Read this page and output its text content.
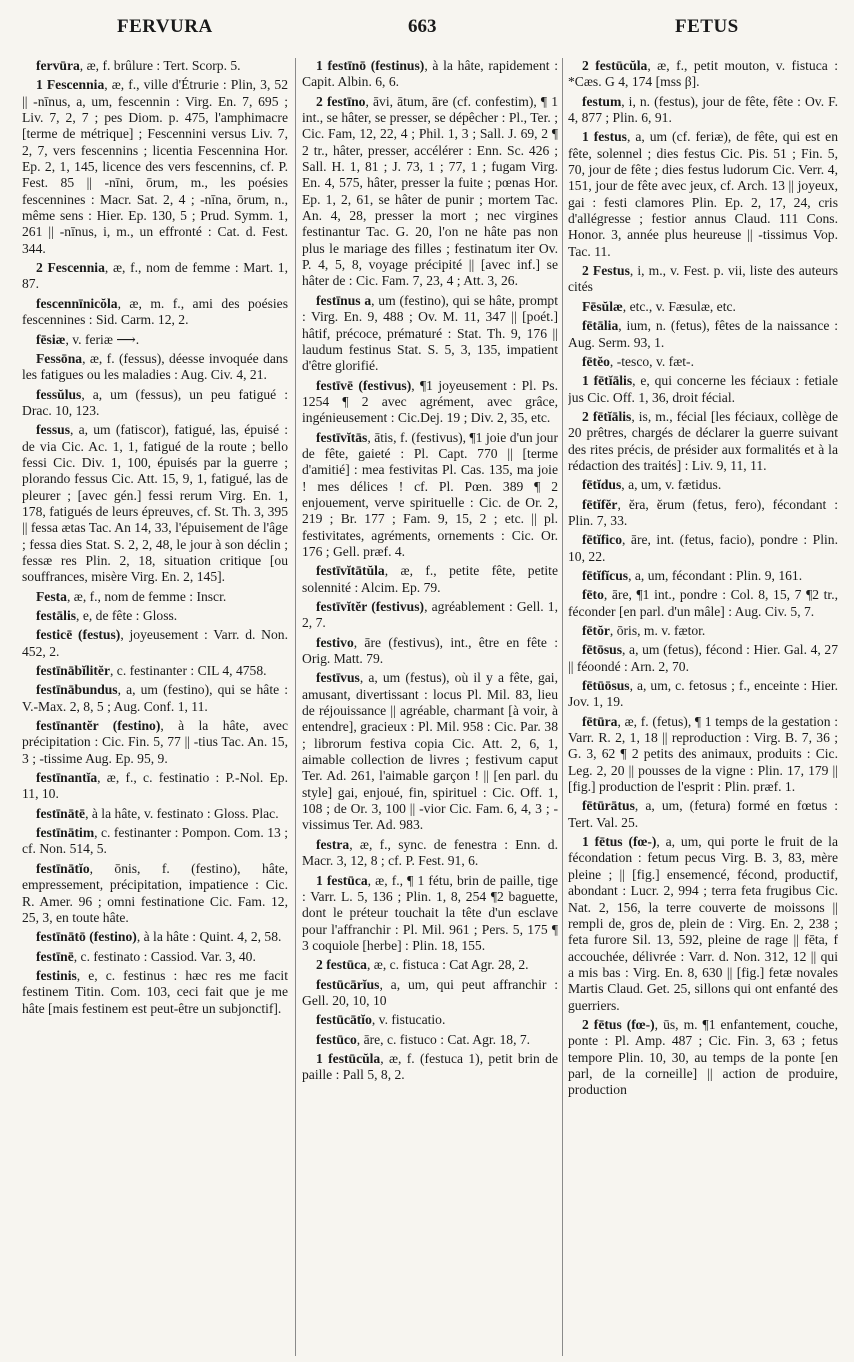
FERVURA	663	FETUS

fervūra, æ, f. brûlure : Tert. Scorp. 5.

1 Fescennia, æ, f., ville d'Étrurie : Plin, 3, 52 || -nīnus, a, um, fescennin : Virg. En. 7, 695 ; Liv. 7, 2, 7 ; pes Diom. p. 475, l'amphimacre [terme de métrique] ; Fescennini versus Liv. 7, 2, 7, vers fescennins ; licentia Fescennina Hor. Ep. 2, 1, 145, licence des vers fescennins, cf. P. Fest. 85 || -nīni, ōrum, m., les poésies fescennines : Macr. Sat. 2, 4 ; -nīna, ōrum, n., même sens : Hier. Ep. 130, 5 ; Prud. Symm. 1, 261 || -nīnus, i, m., un effronté : Cat. d. Fest. 344.

2 Fescennia, æ, f., nom de femme : Mart. 1, 87.

fescennīnicŏla, æ, m. f., ami des poésies fescennines : Sid. Carm. 12, 2.

fēsiæ, v. feriæ ⟶.

Fessōna, æ, f. (fessus), déesse invoquée dans les fatigues ou les maladies : Aug. Civ. 4, 21.

fessŭlus, a, um (fessus), un peu fatigué : Drac. 10, 123.

fessus, a, um (fatiscor), fatigué, las, épuisé : de via Cic. Ac. 1, 1, fatigué de la route ; bello fessi Cic. Div. 1, 100, épuisés par la guerre ; plorando fessus Cic. Att. 15, 9, 1, fatigué, las de pleurer ; [avec gén.] fessi rerum Virg. En. 1, 178, fatigués de leurs épreuves, cf. St. Th. 3, 395 || fessa ætas Tac. An 14, 33, l'épuisement de l'âge ; fessa dies Stat. S. 2, 2, 48, le jour à son déclin ; fessæ res Plin. 2, 18, situation critique [ou souffrances, misère Virg. En. 2, 145].

Festa, æ, f., nom de femme : Inscr.

festālis, e, de fête : Gloss.

festicē (festus), joyeusement : Varr. d. Non. 452, 2.

festīnābĭlitĕr, c. festinanter : CIL 4, 4758.

festīnābundus, a, um (festino), qui se hâte : V.-Max. 2, 8, 5 ; Aug. Conf. 1, 11.

festīnantĕr (festino), à la hâte, avec précipitation : Cic. Fin. 5, 77 || -tius Tac. An. 15, 3 ; -tissime Aug. Ep. 95, 9.

festīnantĭa, æ, f., c. festinatio : P.-Nol. Ep. 11, 10.

festīnātē, à la hâte, v. festinato : Gloss. Plac.

festīnātim, c. festinanter : Pompon. Com. 13 ; cf. Non. 514, 5.

festīnātĭo, ōnis, f. (festino), hâte, empressement, précipitation, impatience : Cic. R. Amer. 96 ; omni festinatione Cic. Fam. 12, 25, 3, en toute hâte.

festīnātō (festino), à la hâte : Quint. 4, 2, 58.

festīnē, c. festinato : Cassiod. Var. 3, 40.

festinis, e, c. festinus : hæc res me facit festinem Titin. Com. 103, ceci fait que je me hâte [mais festinem est peut-être un subjonctif].

1 festīnō (festinus), à la hâte, rapidement : Capit. Albin. 6, 6.

2 festīno, āvi, ātum, āre (cf. confestim), ¶ 1 int., se hâter, se presser, se dépêcher : Pl., Ter. ; Cic. Fam, 12, 22, 4 ; Phil. 1, 3 ; Sall. J. 69, 2 ¶ 2 tr., hâter, presser, accélérer : Enn. Sc. 426 ; Sall. H. 1, 81 ; J. 73, 1 ; 77, 1 ; fugam Virg. En. 4, 575, hâter, presser la fuite ; pœnas Hor. Ep. 1, 2, 61, se hâter de punir ; mortem Tac. An. 4, 28, presser la mort ; nec virgines festinantur Tac. G. 20, l'on ne hâte pas non plus le mariage des filles ; festinatum iter Ov. P. 4, 5, 8, voyage précipité || [avec inf.] se hâter de : Cic. Fam. 7, 23, 4 ; Att. 3, 26.

festīnus a, um (festino), qui se hâte, prompt : Virg. En. 9, 488 ; Ov. M. 11, 347 || [poét.] hâtif, précoce, prématuré : Stat. Th. 9, 176 || laudum festinus Stat. S. 5, 3, 135, impatient d'être glorifié.

festīvē (festivus), ¶1 joyeusement : Pl. Ps. 1254 ¶ 2 avec agrément, avec grâce, ingénieusement : Cic.Dej. 19 ; Div. 2, 35, etc.

festīvĭtās, ātis, f. (festivus), ¶1 joie d'un jour de fête, gaieté : Pl. Capt. 770 || [terme d'amitié] : mea festivitas Pl. Cas. 135, ma joie ! mes délices ! cf. Pl. Pœn. 389 ¶ 2 enjouement, verve spirituelle : Cic. de Or. 2, 219 ; Br. 177 ; Fam. 9, 15, 2 ; etc. || pl. festivitates, agréments, ornements : Cic. Or. 176 ; Gell. præf. 4.

festīvĭtātŭla, æ, f., petite fête, petite solennité : Alcim. Ep. 79.

festīvĭtĕr (festivus), agréablement : Gell. 1, 2, 7.

festivo, āre (festivus), int., être en fête : Orig. Matt. 79.

festīvus, a, um (festus), où il y a fête, gai, amusant, divertissant : locus Pl. Mil. 83, lieu de réjouissance || agréable, charmant [à voir, à entendre], gracieux : Pl. Mil. 958 : Cic. Par. 38 ; librorum festiva copia Cic. Att. 2, 6, 1, aimable collection de livres ; festivum caput Ter. Ad. 261, l'aimable garçon ! || [en parl. du style] gai, enjoué, fin, spirituel : Cic. Off. 1, 108 ; de Or. 3, 100 || -vior Cic. Fam. 6, 4, 3 ; -vissimus Ter. Ad. 983.

festra, æ, f., sync. de fenestra : Enn. d. Macr. 3, 12, 8 ; cf. P. Fest. 91, 6.

1 festūca, æ, f., ¶ 1 fétu, brin de paille, tige : Varr. L. 5, 136 ; Plin. 1, 8, 254 ¶2 baguette, dont le préteur touchait la tête d'un esclave pour l'affranchir : Pl. Mil. 961 ; Pers. 5, 175 ¶ 3 coquiole [herbe] : Plin. 18, 155.

2 festūca, æ, c. fistuca : Cat Agr. 28, 2.

festūcārĭus, a, um, qui peut affranchir : Gell. 20, 10, 10

festūcātĭo, v. fistucatio.

festūco, āre, c. fistuco : Cat. Agr. 18, 7.

1 festūcŭla, æ, f. (festuca 1), petit brin de paille : Pall 5, 8, 2.

2 festūcŭla, æ, f., petit mouton, v. fistuca : *Cæs. G 4, 174 [mss β].

festum, i, n. (festus), jour de fête, fête : Ov. F. 4, 877 ; Plin. 6, 91.

1 festus, a, um (cf. feriæ), de fête, qui est en fête, solennel ; dies festus Cic. Pis. 51 ; Fin. 5, 70, jour de fête ; dies festus ludorum Cic. Verr. 4, 151, jour de fête avec jeux, cf. Arch. 13 || joyeux, gai : festi clamores Plin. Ep. 2, 17, 24, cris d'allégresse ; festior annus Claud. 111 Cons. Honor. 3, année plus heureuse || -tissimus Vop. Tac. 11.

2 Festus, i, m., v. Fest. p. vii, liste des auteurs cités

Fēsŭlæ, etc., v. Fæsulæ, etc.

fētālia, ium, n. (fetus), fêtes de la naissance : Aug. Serm. 93, 1.

fētĕo, -tesco, v. fæt-.

1 fētĭālis, e, qui concerne les féciaux : fetiale jus Cic. Off. 1, 36, droit fécial.

2 fētĭālis, is, m., fécial [les féciaux, collège de 20 prêtres, chargés de déclarer la guerre suivant des rites précis, de présider aux formalités et à la rédaction des traités] : Liv. 9, 11, 11.

fētĭdus, a, um, v. fætidus.

fētĭfĕr, ĕra, ĕrum (fetus, fero), fécondant : Plin. 7, 33.

fētĭfico, āre, int. (fetus, facio), pondre : Plin. 10, 22.

fētĭfĭcus, a, um, fécondant : Plin. 9, 161.

fēto, āre, ¶1 int., pondre : Col. 8, 15, 7 ¶2 tr., féconder [en parl. d'un mâle] : Aug. Civ. 5, 7.

fētŏr, ōris, m. v. fætor.

fētōsus, a, um (fetus), fécond : Hier. Gal. 4, 27 || féoondé : Arn. 2, 70.

fētūōsus, a, um, c. fetosus ; f., enceinte : Hier. Jov. 1, 19.

fētūra, æ, f. (fetus), ¶ 1 temps de la gestation : Varr. R. 2, 1, 18 || reproduction : Virg. B. 7, 36 ; G. 3, 62 ¶ 2 petits des animaux, produits : Cic. Leg. 2, 20 || pousses de la vigne : Plin. 17, 179 || [fig.] production de l'esprit : Plin. præf. 1.

fētūrātus, a, um, (fetura) formé en fœtus : Tert. Val. 25.

1 fētus (fœ-), a, um, qui porte le fruit de la fécondation : fetum pecus Virg. B. 3, 83, mère pleine ; || [fig.] ensemencé, fécond, productif, abondant : Lucr. 2, 994 ; terra feta frugibus Cic. Nat. 2, 156, la terre couverte de moissons || rempli de, gros de, plein de : Virg. En. 2, 238 ; feta furore Sil. 13, 592, pleine de rage || fēta, f accouchée, délivrée : Varr. d. Non. 312, 12 || qui a mis bas : Virg. En. 8, 630 || [fig.] fetæ novales Martis Claud. Get. 25, sillons qui ont enfanté des guerriers.

2 fētus (fœ-), ūs, m. ¶1 enfantement, couche, ponte : Pl. Amp. 487 ; Cic. Fin. 3, 63 ; fetus tempore Plin. 10, 30, au temps de la ponte [en parl, de la corneille] || action de produire, production
